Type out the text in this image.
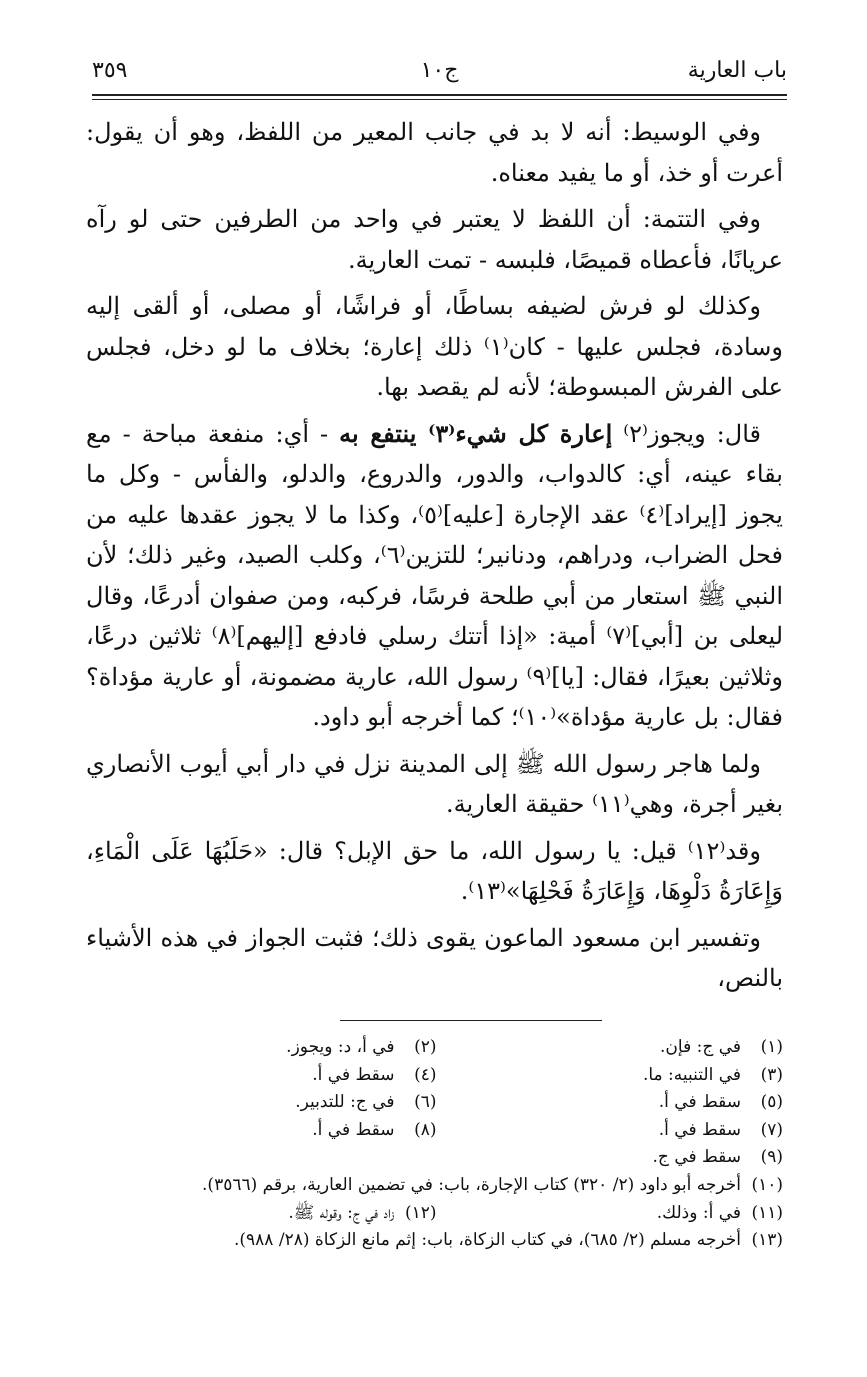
باب العارية
ج١٠
٣٥٩

وفي الوسيط: أنه لا بد في جانب المعير من اللفظ، وهو أن يقول: أعرت أو خذ، أو ما يفيد معناه.

وفي التتمة: أن اللفظ لا يعتبر في واحد من الطرفين حتى لو رآه عريانًا، فأعطاه قميصًا، فلبسه - تمت العارية.

وكذلك لو فرش لضيفه بساطًا، أو فراشًا، أو مصلى، أو ألقى إليه وسادة، فجلس عليها - كان⁽١⁾ ذلك إعارة؛ بخلاف ما لو دخل، فجلس على الفرش المبسوطة؛ لأنه لم يقصد بها.

قال: ويجوز⁽٢⁾ إعارة كل شيء⁽٣⁾ ينتفع به - أي: منفعة مباحة - مع بقاء عينه، أي: كالدواب، والدور، والدروع، والدلو، والفأس - وكل ما يجوز [إيراد]⁽٤⁾ عقد الإجارة [عليه]⁽٥⁾، وكذا ما لا يجوز عقدها عليه من فحل الضراب، ودراهم، ودنانير؛ للتزين⁽٦⁾، وكلب الصيد، وغير ذلك؛ لأن النبي ﷺ استعار من أبي طلحة فرسًا، فركبه، ومن صفوان أدرعًا، وقال ليعلى بن [أبي]⁽٧⁾ أمية: «إذا أتتك رسلي فادفع [إليهم]⁽٨⁾ ثلاثين درعًا، وثلاثين بعيرًا، فقال: [يا]⁽٩⁾ رسول الله، عارية مضمونة، أو عارية مؤداة؟ فقال: بل عارية مؤداة»⁽١٠⁾؛ كما أخرجه أبو داود.

ولما هاجر رسول الله ﷺ إلى المدينة نزل في دار أبي أيوب الأنصاري بغير أجرة، وهي⁽١١⁾ حقيقة العارية.

وقد⁽١٢⁾ قيل: يا رسول الله، ما حق الإبل؟ قال: «حَلَبُهَا عَلَى الْمَاءِ، وَإِعَارَةُ دَلْوِهَا، وَإِعَارَةُ فَحْلِهَا»⁽١٣⁾.

وتفسير ابن مسعود الماعون يقوى ذلك؛ فثبت الجواز في هذه الأشياء بالنص،

(١)في ج: فإن.
(٢)في أ، د: ويجوز.
(٣)في التنبيه: ما.
(٤)سقط في أ.
(٥)سقط في أ.
(٦)في ج: للتدبير.
(٧)سقط في أ.
(٨)سقط في أ.
(٩)سقط في ج.
(١٠)أخرجه أبو داود (٢/ ٣٢٠) كتاب الإجارة، باب: في تضمين العارية، برقم (٣٥٦٦).
(١١)في أ: وذلك.
(١٢)زاد في ج: وقوله ﷺ.
(١٣)أخرجه مسلم (٢/ ٦٨٥)، في كتاب الزكاة، باب: إثم مانع الزكاة (٢٨/ ٩٨٨).
